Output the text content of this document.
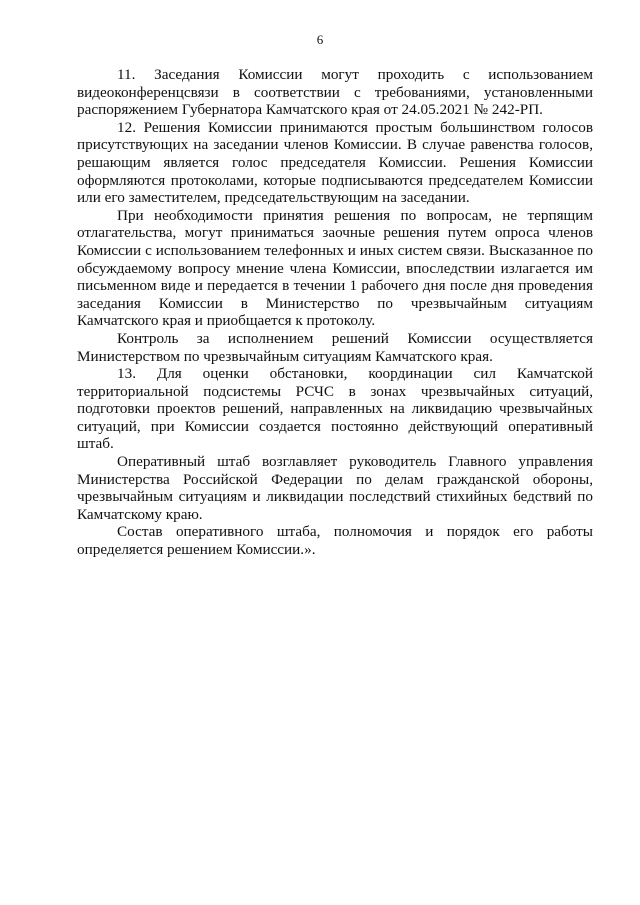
6

11. Заседания Комиссии могут проходить с использованием видеоконференцсвязи в соответствии с требованиями, установленными распоряжением Губернатора Камчатского края от 24.05.2021 № 242-РП.

12. Решения Комиссии принимаются простым большинством голосов присутствующих на заседании членов Комиссии. В случае равенства голосов, решающим является голос председателя Комиссии. Решения Комиссии оформляются протоколами, которые подписываются председателем Комиссии или его заместителем, председательствующим на заседании.

При необходимости принятия решения по вопросам, не терпящим отлагательства, могут приниматься заочные решения путем опроса членов Комиссии с использованием телефонных и иных систем связи. Высказанное по обсуждаемому вопросу мнение члена Комиссии, впоследствии излагается им письменном виде и передается в течении 1 рабочего дня после дня проведения заседания Комиссии в Министерство по чрезвычайным ситуациям Камчатского края и приобщается к протоколу.

Контроль за исполнением решений Комиссии осуществляется Министерством по чрезвычайным ситуациям Камчатского края.

13. Для оценки обстановки, координации сил Камчатской территориальной подсистемы РСЧС в зонах чрезвычайных ситуаций, подготовки проектов решений, направленных на ликвидацию чрезвычайных ситуаций, при Комиссии создается постоянно действующий оперативный штаб.

Оперативный штаб возглавляет руководитель Главного управления Министерства Российской Федерации по делам гражданской обороны, чрезвычайным ситуациям и ликвидации последствий стихийных бедствий по Камчатскому краю.

Состав оперативного штаба, полномочия и порядок его работы определяется решением Комиссии.».
